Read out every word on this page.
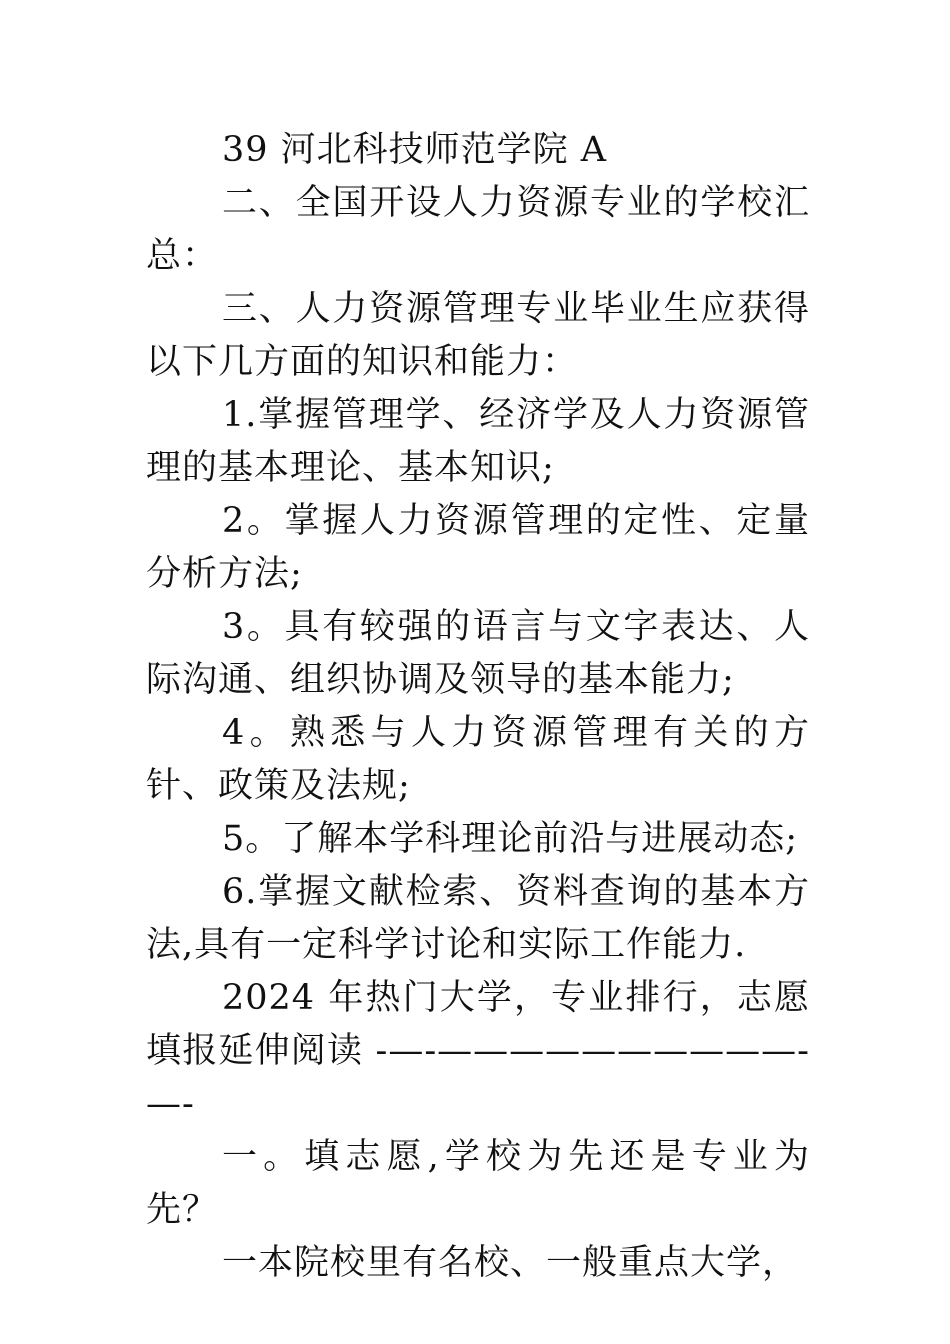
39 河北科技师范学院 A

二、全国开设人力资源专业的学校汇总：

三、人力资源管理专业毕业生应获得以下几方面的知识和能力：

1.掌握管理学、经济学及人力资源管理的基本理论、基本知识;

2。掌握人力资源管理的定性、定量分析方法;

3。具有较强的语言与文字表达、人际沟通、组织协调及领导的基本能力;

4。熟悉与人力资源管理有关的方针、政策及法规;

5。了解本学科理论前沿与进展动态;

6.掌握文献检索、资料查询的基本方法,具有一定科学讨论和实际工作能力.

2024 年热门大学，专业排行，志愿填报延伸阅读 -—-——————————-—-

一。填志愿,学校为先还是专业为先？

一本院校里有名校、一般重点大学，
